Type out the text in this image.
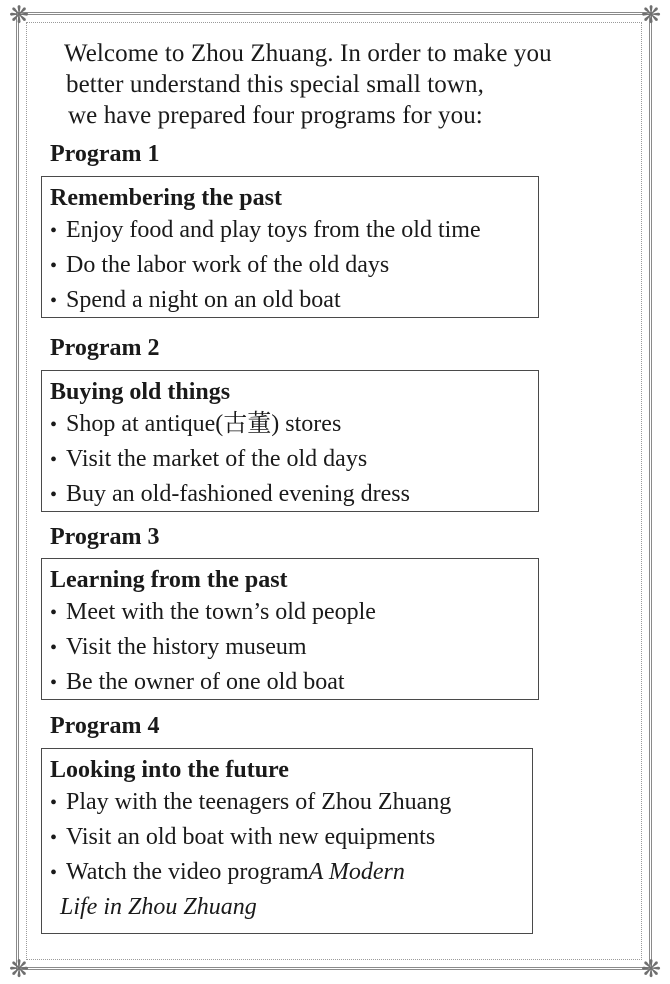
❋	❋
❋	❋
Welcome to Zhou Zhuang. In order to make you
better understand this special small town,
we have prepared four programs for you:
Program 1
Remembering the past
• Enjoy food and play toys from the old time
• Do the labor work of the old days
• Spend a night on an old boat
Program 2
Buying old things
• Shop at antique(古董) stores
• Visit the market of the old days
• Buy an old-fashioned evening dress
Program 3
Learning from the past
• Meet with the town’s old people
• Visit the history museum
• Be the owner of one old boat
Program 4
Looking into the future
• Play with the teenagers of Zhou Zhuang
• Visit an old boat with new equipments
• Watch the video programA Modern
Life in Zhou Zhuang
